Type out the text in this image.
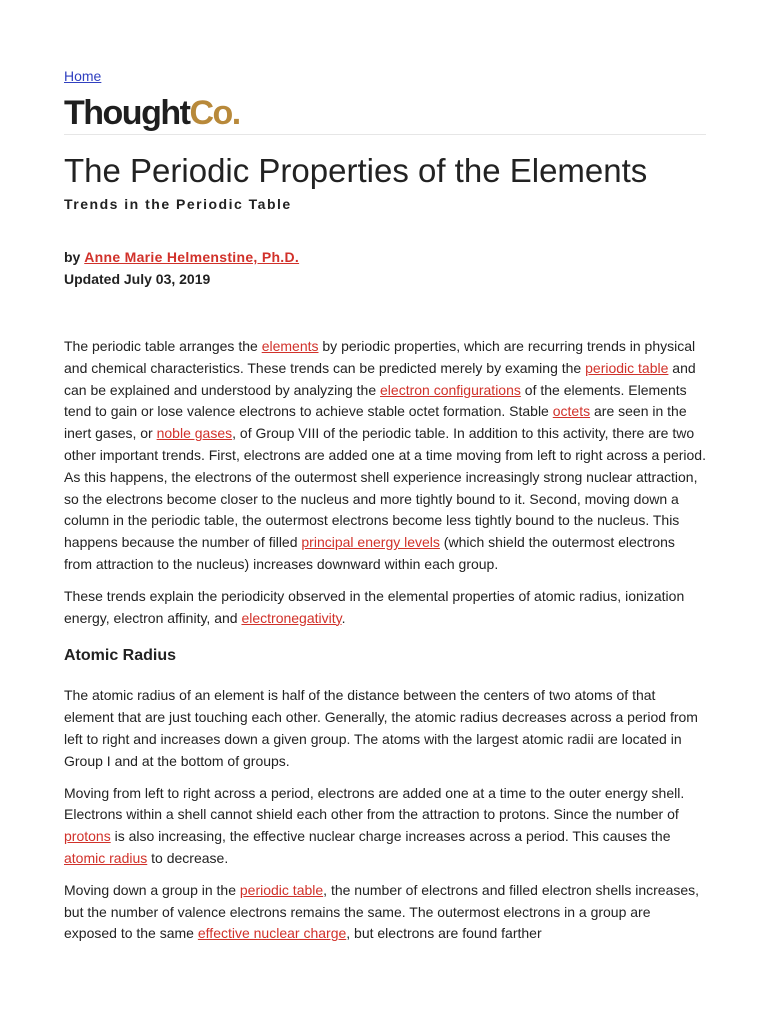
Home
ThoughtCo.
The Periodic Properties of the Elements
Trends in the Periodic Table
by Anne Marie Helmenstine, Ph.D.
Updated July 03, 2019

The periodic table arranges the elements by periodic properties, which are recurring trends in physical and chemical characteristics. These trends can be predicted merely by examing the periodic table and can be explained and understood by analyzing the electron configurations of the elements. Elements tend to gain or lose valence electrons to achieve stable octet formation. Stable octets are seen in the inert gases, or noble gases, of Group VIII of the periodic table. In addition to this activity, there are two other important trends. First, electrons are added one at a time moving from left to right across a period. As this happens, the electrons of the outermost shell experience increasingly strong nuclear attraction, so the electrons become closer to the nucleus and more tightly bound to it. Second, moving down a column in the periodic table, the outermost electrons become less tightly bound to the nucleus. This happens because the number of filled principal energy levels (which shield the outermost electrons from attraction to the nucleus) increases downward within each group.

These trends explain the periodicity observed in the elemental properties of atomic radius, ionization energy, electron affinity, and electronegativity.

Atomic Radius

The atomic radius of an element is half of the distance between the centers of two atoms of that element that are just touching each other. Generally, the atomic radius decreases across a period from left to right and increases down a given group. The atoms with the largest atomic radii are located in Group I and at the bottom of groups.

Moving from left to right across a period, electrons are added one at a time to the outer energy shell. Electrons within a shell cannot shield each other from the attraction to protons. Since the number of protons is also increasing, the effective nuclear charge increases across a period. This causes the atomic radius to decrease.

Moving down a group in the periodic table, the number of electrons and filled electron shells increases, but the number of valence electrons remains the same. The outermost electrons in a group are exposed to the same effective nuclear charge, but electrons are found farther
